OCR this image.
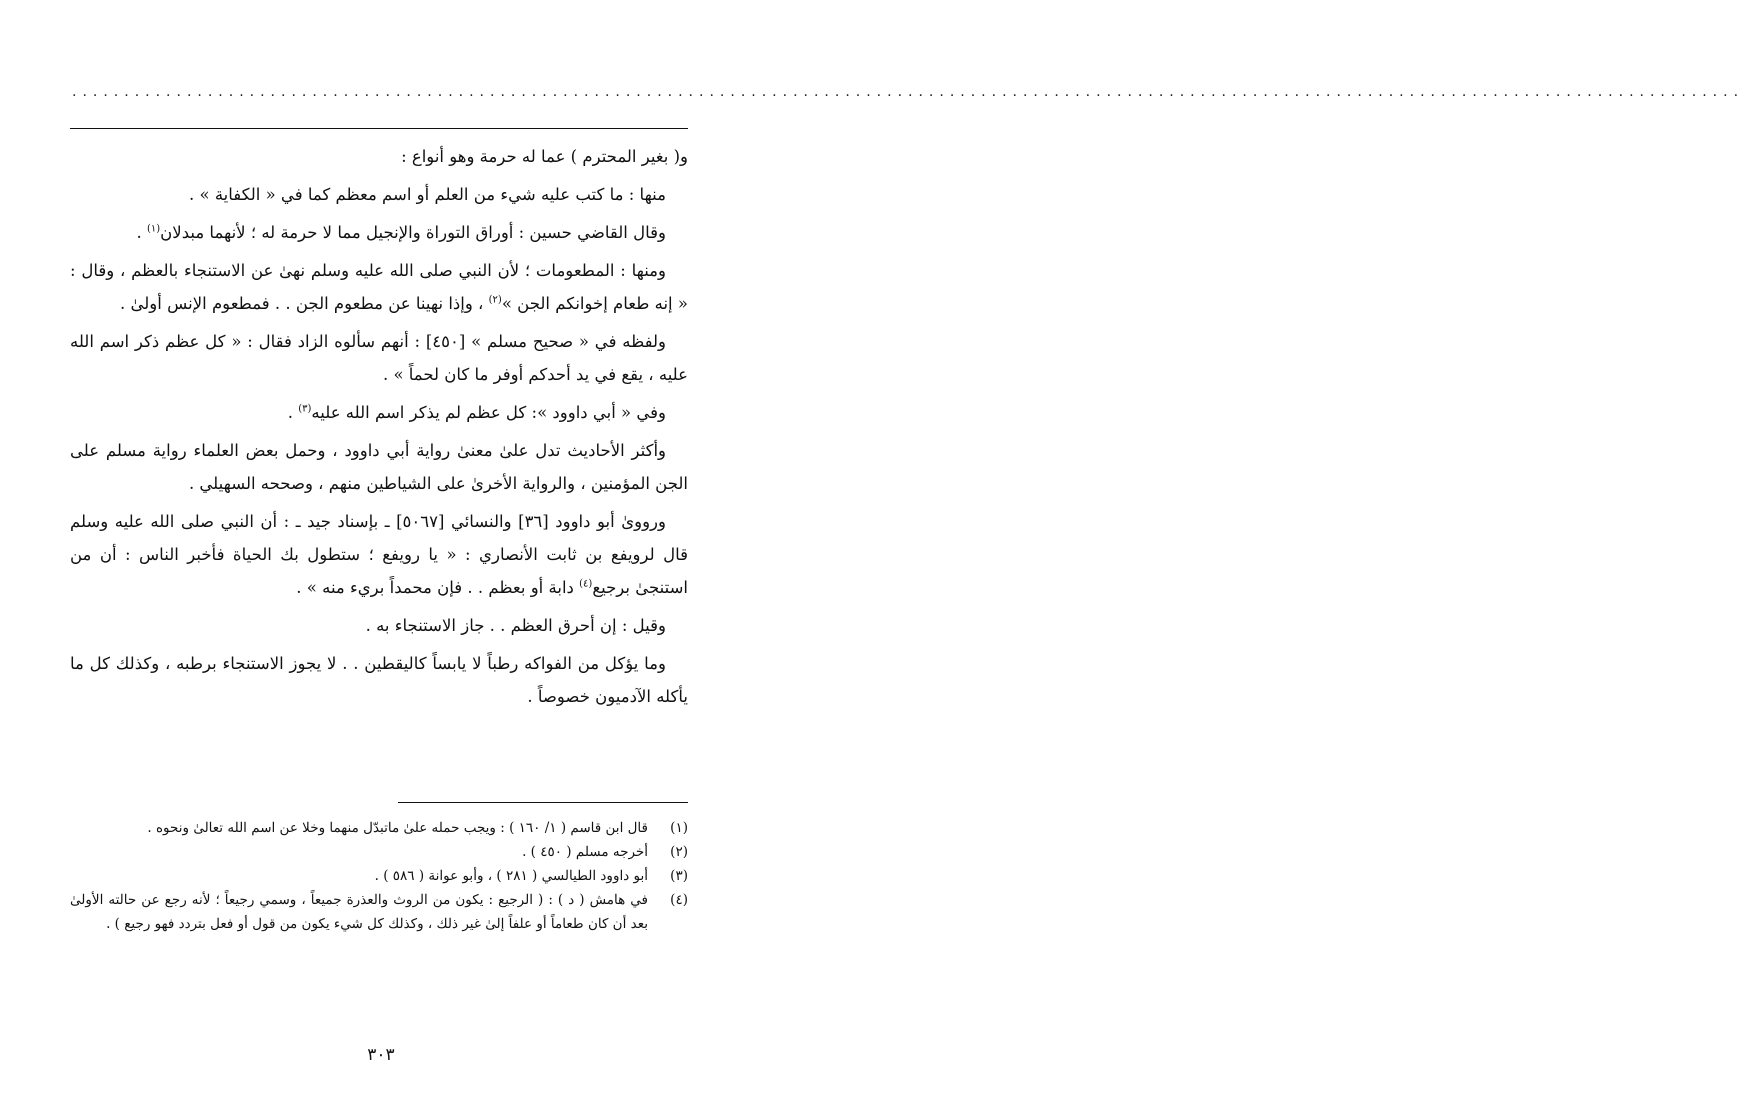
................................................................................................................................................................

و( بغير المحترم ) عما له حرمة وهو أنواع :

منها : ما كتب عليه شيء من العلم أو اسم معظم كما في « الكفاية » .

وقال القاضي حسين : أوراق التوراة والإنجيل مما لا حرمة له ؛ لأنهما مبدلان$^{(١)}$ .

ومنها : المطعومات ؛ لأن النبي صلى الله عليه وسلم نهىٰ عن الاستنجاء بالعظم ، وقال : « إنه طعام إخوانكم الجن »$^{(٢)}$ ، وإذا نهينا عن مطعوم الجن . . فمطعوم الإنس أولىٰ .

ولفظه في « صحيح مسلم » [٤٥٠] : أنهم سألوه الزاد فقال : « كل عظم ذكر اسم الله عليه ، يقع في يد أحدكم أوفر ما كان لحماً » .

وفي « أبي داوود »: كل عظم لم يذكر اسم الله عليه$^{(٣)}$ .

وأكثر الأحاديث تدل علىٰ معنىٰ رواية أبي داوود ، وحمل بعض العلماء رواية مسلم على الجن المؤمنين ، والرواية الأخرىٰ على الشياطين منهم ، وصححه السهيلي .

ورووىٰ أبو داوود [٣٦] والنسائي [٥٠٦٧] ـ بإسناد جيد ـ : أن النبي صلى الله عليه وسلم قال لرويفع بن ثابت الأنصاري : « يا رويفع ؛ ستطول بك الحياة فأخبر الناس : أن من استنجىٰ برجيع$^{(٤)}$ دابة أو بعظم . . فإن محمداً بريء منه » .

وقيل : إن أحرق العظم . . جاز الاستنجاء به .

وما يؤكل من الفواكه رطباً لا يابساً كاليقطين . . لا يجوز الاستنجاء برطبه ، وكذلك كل ما يأكله الآدميون خصوصاً .

(١)
قال ابن قاسم ( ١/ ١٦٠ ) : ويجب حمله علىٰ ماتبدّل منهما وخلا عن اسم الله تعالىٰ ونحوه .
(٢)
أخرجه مسلم ( ٤٥٠ ) .
(٣)
أبو داوود الطيالسي ( ٢٨١ ) ، وأبو عوانة ( ٥٨٦ ) .
(٤)
في هامش ( د ) : ( الرجيع : يكون من الروث والعذرة جميعاً ، وسمي رجيعاً ؛ لأنه رجع عن حالته الأولىٰ بعد أن كان طعاماً أو علفاً إلىٰ غير ذلك ، وكذلك كل شيء يكون من قول أو فعل بتردد فهو رجيع ) .
٣٠٣
